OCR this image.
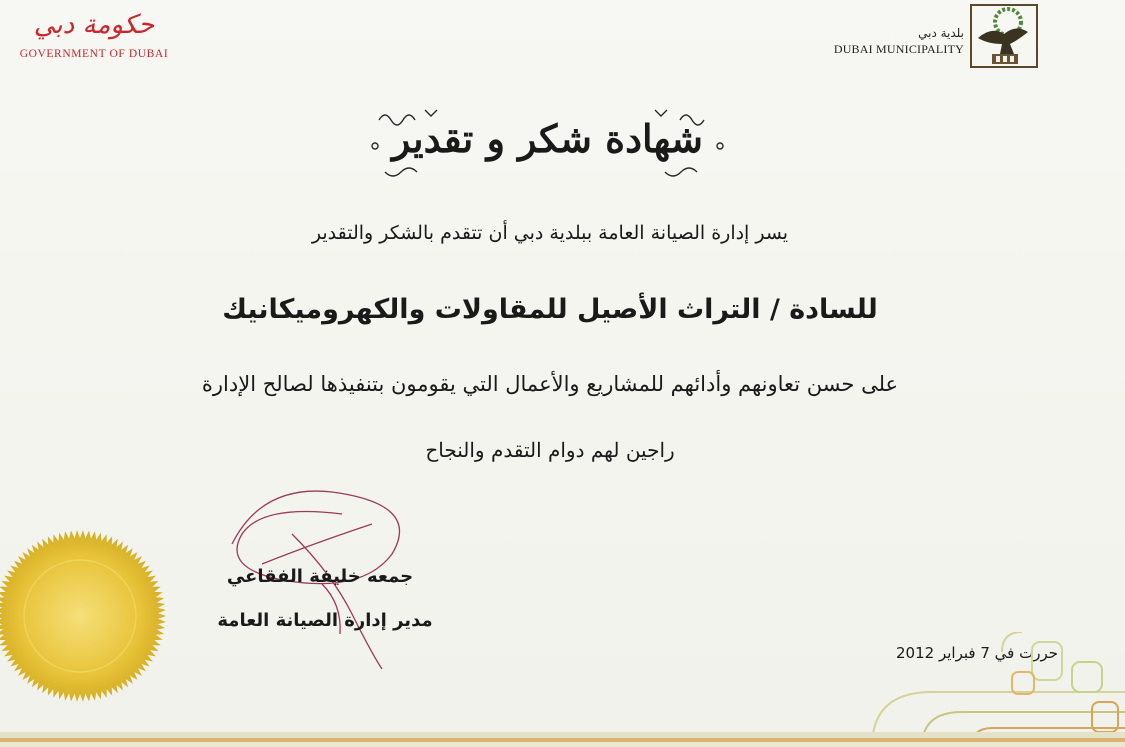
حكومة دبي
GOVERNMENT OF DUBAI
بلدية دبي
DUBAI MUNICIPALITY
شهادة شكر و تقدير
يسر إدارة الصيانة العامة ببلدية دبي أن تتقدم بالشكر والتقدير
للسادة / التراث الأصيل للمقاولات والكهروميكانيك
على حسن تعاونهم وأدائهم للمشاريع والأعمال التي يقومون بتنفيذها لصالح الإدارة
راجين لهم دوام التقدم والنجاح
جمعه خليفة الفقاعي
مدير إدارة الصيانة العامة
حررت في 7 فبراير 2012
